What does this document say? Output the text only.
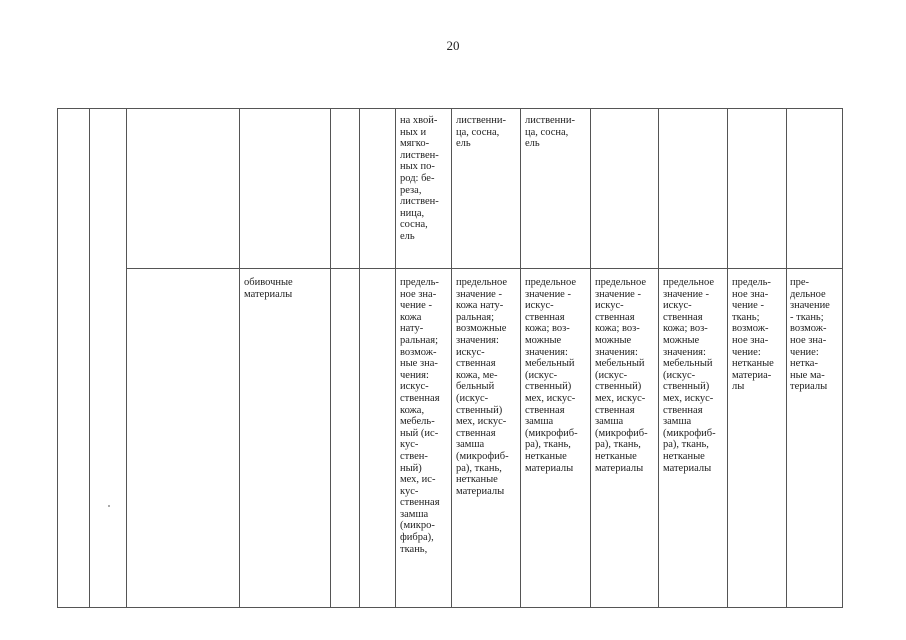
20
на хвой-
ных и
мягко-
листвен-
ных по-
род: бе-
реза,
листвен-
ница,
сосна,
ель
лиственни-
ца, сосна,
ель
лиственни-
ца, сосна,
ель
обивочные
материалы
предель-
ное зна-
чение -
кожа
нату-
ральная;
возмож-
ные зна-
чения:
искус-
ственная
кожа,
мебель-
ный (ис-
кус-
ствен-
ный)
мех, ис-
кус-
ственная
замша
(микро-
фибра),
ткань,
предельное
значение -
кожа нату-
ральная;
возможные
значения:
искус-
ственная
кожа, ме-
бельный
(искус-
ственный)
мех, искус-
ственная
замша
(микрофиб-
ра), ткань,
нетканые
материалы
предельное
значение -
искус-
ственная
кожа; воз-
можные
значения:
мебельный
(искус-
ственный)
мех, искус-
ственная
замша
(микрофиб-
ра), ткань,
нетканые
материалы
предельное
значение -
искус-
ственная
кожа; воз-
можные
значения:
мебельный
(искус-
ственный)
мех, искус-
ственная
замша
(микрофиб-
ра), ткань,
нетканые
материалы
предельное
значение -
искус-
ственная
кожа; воз-
можные
значения:
мебельный
(искус-
ственный)
мех, искус-
ственная
замша
(микрофиб-
ра), ткань,
нетканые
материалы
предель-
ное зна-
чение -
ткань;
возмож-
ное зна-
чение:
нетканые
материа-
лы
пре-
дельное
значение
- ткань;
возмож-
ное зна-
чение:
нетка-
ные ма-
териалы
